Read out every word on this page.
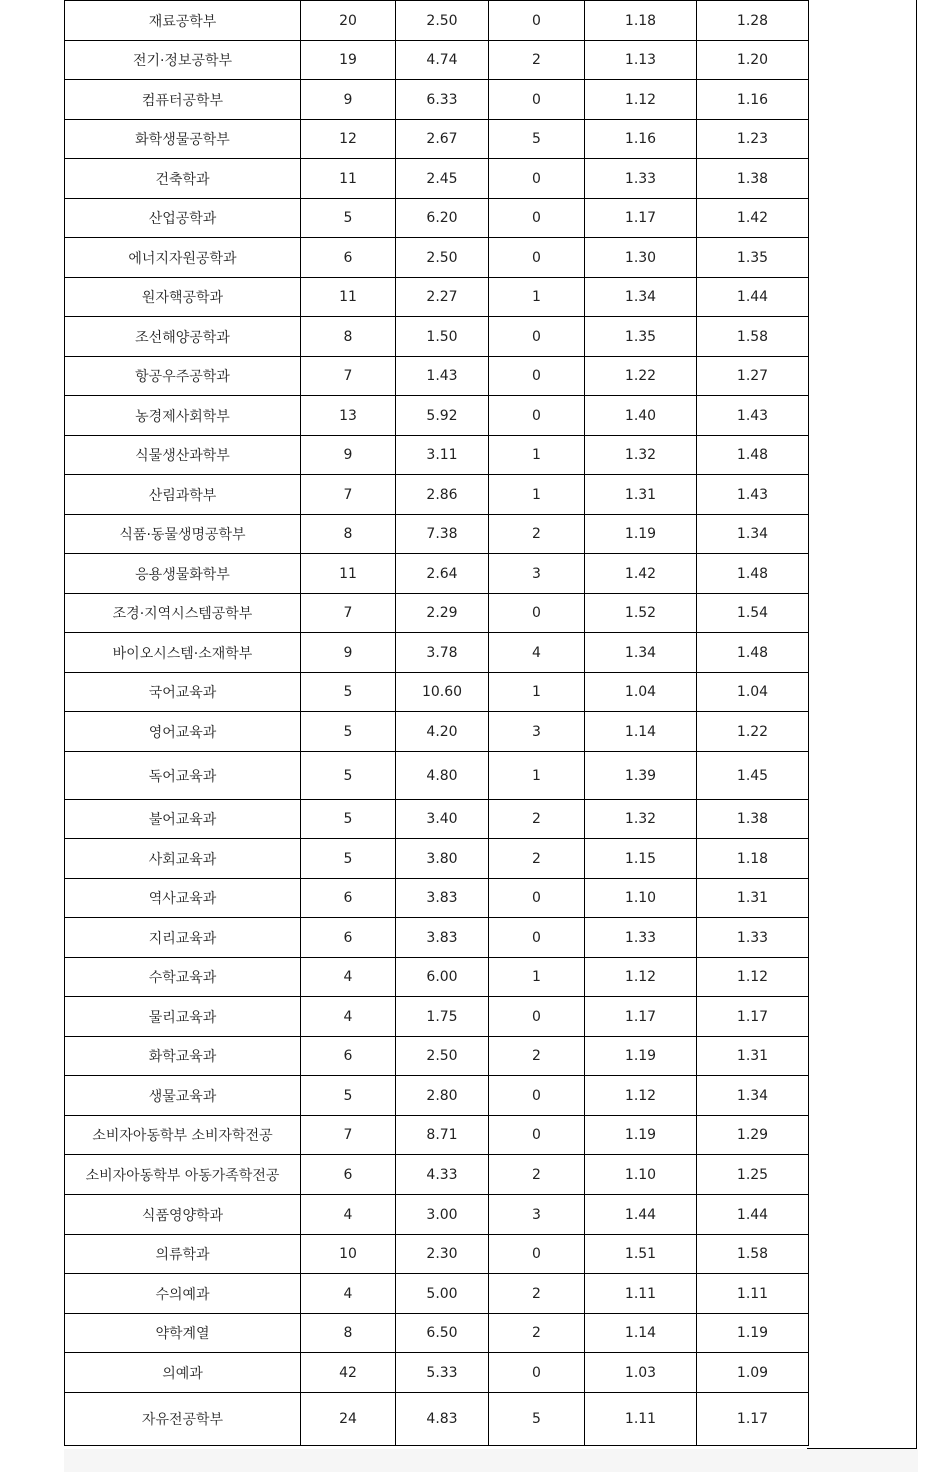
재료공학부	20	2.50	0	1.18	1.28
전기·정보공학부	19	4.74	2	1.13	1.20
컴퓨터공학부	9	6.33	0	1.12	1.16
화학생물공학부	12	2.67	5	1.16	1.23
건축학과	11	2.45	0	1.33	1.38
산업공학과	5	6.20	0	1.17	1.42
에너지자원공학과	6	2.50	0	1.30	1.35
원자핵공학과	11	2.27	1	1.34	1.44
조선해양공학과	8	1.50	0	1.35	1.58
항공우주공학과	7	1.43	0	1.22	1.27
농경제사회학부	13	5.92	0	1.40	1.43
식물생산과학부	9	3.11	1	1.32	1.48
산림과학부	7	2.86	1	1.31	1.43
식품·동물생명공학부	8	7.38	2	1.19	1.34
응용생물화학부	11	2.64	3	1.42	1.48
조경·지역시스템공학부	7	2.29	0	1.52	1.54
바이오시스템·소재학부	9	3.78	4	1.34	1.48
국어교육과	5	10.60	1	1.04	1.04
영어교육과	5	4.20	3	1.14	1.22
독어교육과	5	4.80	1	1.39	1.45
불어교육과	5	3.40	2	1.32	1.38
사회교육과	5	3.80	2	1.15	1.18
역사교육과	6	3.83	0	1.10	1.31
지리교육과	6	3.83	0	1.33	1.33
수학교육과	4	6.00	1	1.12	1.12
물리교육과	4	1.75	0	1.17	1.17
화학교육과	6	2.50	2	1.19	1.31
생물교육과	5	2.80	0	1.12	1.34
소비자아동학부 소비자학전공	7	8.71	0	1.19	1.29
소비자아동학부 아동가족학전공	6	4.33	2	1.10	1.25
식품영양학과	4	3.00	3	1.44	1.44
의류학과	10	2.30	0	1.51	1.58
수의예과	4	5.00	2	1.11	1.11
약학계열	8	6.50	2	1.14	1.19
의예과	42	5.33	0	1.03	1.09
자유전공학부	24	4.83	5	1.11	1.17
